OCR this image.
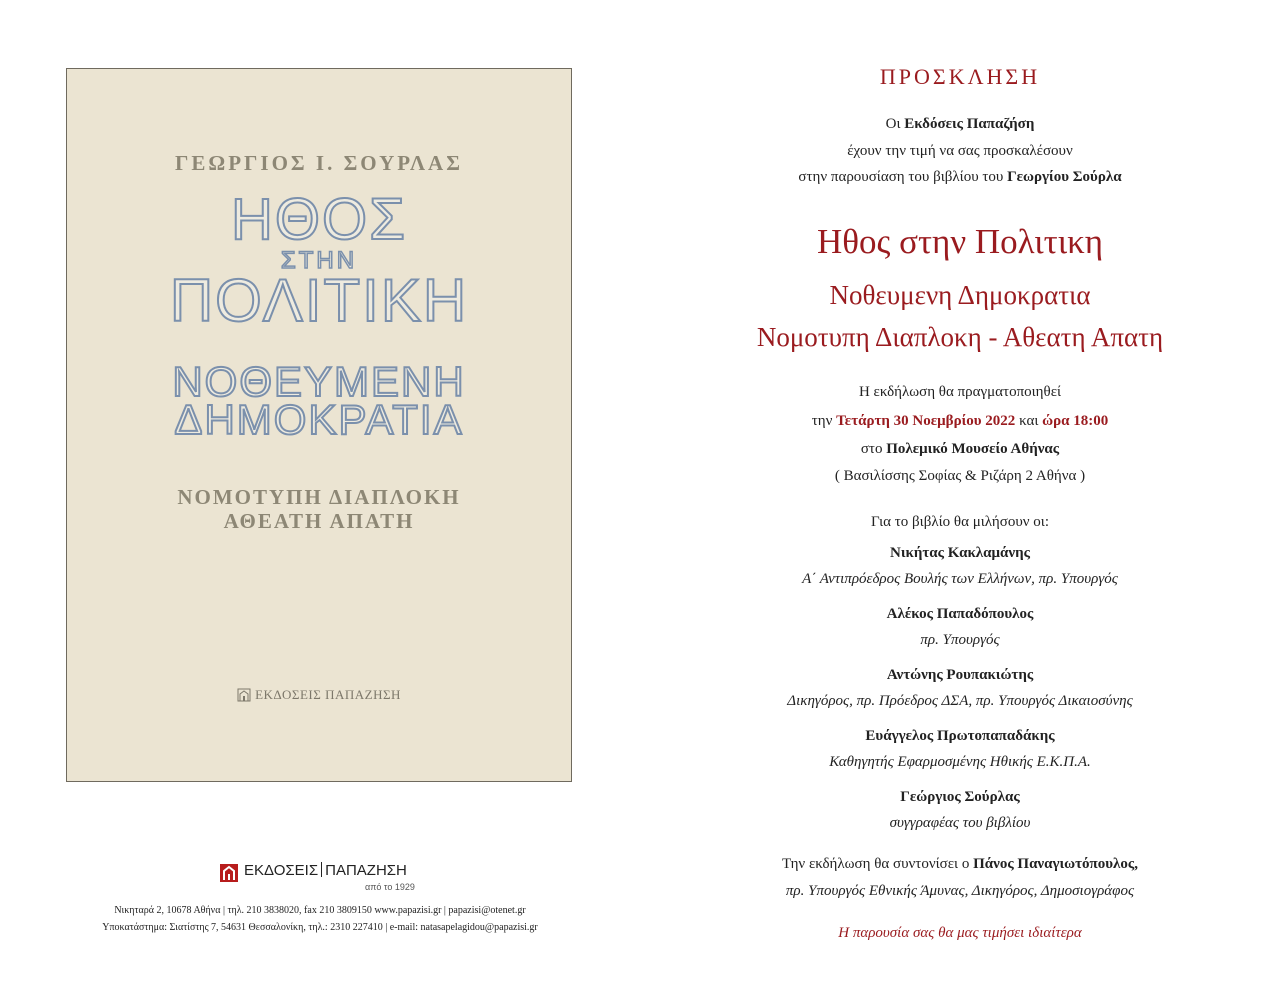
ΓΕΩΡΓΙΟΣ Ι. ΣΟΥΡΛΑΣ
ΗΘΟΣ
ΣΤΗΝ
ΠΟΛΙΤΙΚΗ
ΝΟΘΕΥΜΕΝΗ
ΔΗΜΟΚΡΑΤΙΑ
ΝΟΜΟΤΥΠΗ ΔΙΑΠΛΟΚΗ
ΑΘΕΑΤΗ ΑΠΑΤΗ
ΕΚΔΟΣΕΙΣ ΠΑΠΑΖΗΣΗ
ΕΚΔΟΣΕΙΣ ΠΑΠΑΖΗΣΗ
από το 1929
Νικηταρά 2, 10678 Αθήνα | τηλ. 210 3838020, fax 210 3809150 www.papazisi.gr | papazisi@otenet.gr
Υποκατάστημα: Σιατίστης 7, 54631 Θεσσαλονίκη, τηλ.: 2310 227410 | e-mail: natasapelagidou@papazisi.gr
ΠΡΟΣΚΛΗΣΗ
Οι Εκδόσεις Παπαζήση
έχουν την τιμή να σας προσκαλέσουν
στην παρουσίαση του βιβλίου του Γεωργίου Σούρλα
Ηθος στην Πολιτικη
Νοθευμενη Δημοκρατια
Νομοτυπη Διαπλοκη - Αθεατη Απατη
Η εκδήλωση θα πραγματοποιηθεί
την Τετάρτη 30 Νοεμβρίου 2022 και ώρα 18:00
στο Πολεμικό Μουσείο Αθήνας
( Βασιλίσσης Σοφίας & Ριζάρη 2 Αθήνα )
Για το βιβλίο θα μιλήσουν οι:
Νικήτας Κακλαμάνης
Α΄ Αντιπρόεδρος Βουλής των Ελλήνων, πρ. Υπουργός
Αλέκος Παπαδόπουλος
πρ. Υπουργός
Αντώνης Ρουπακιώτης
Δικηγόρος, πρ. Πρόεδρος ΔΣΑ, πρ. Υπουργός Δικαιοσύνης
Ευάγγελος Πρωτοπαπαδάκης
Καθηγητής Εφαρμοσμένης Ηθικής Ε.Κ.Π.Α.
Γεώργιος Σούρλας
συγγραφέας του βιβλίου
Την εκδήλωση θα συντονίσει ο Πάνος Παναγιωτόπουλος,
πρ. Υπουργός Εθνικής Άμυνας, Δικηγόρος, Δημοσιογράφος
Η παρουσία σας θα μας τιμήσει ιδιαίτερα
